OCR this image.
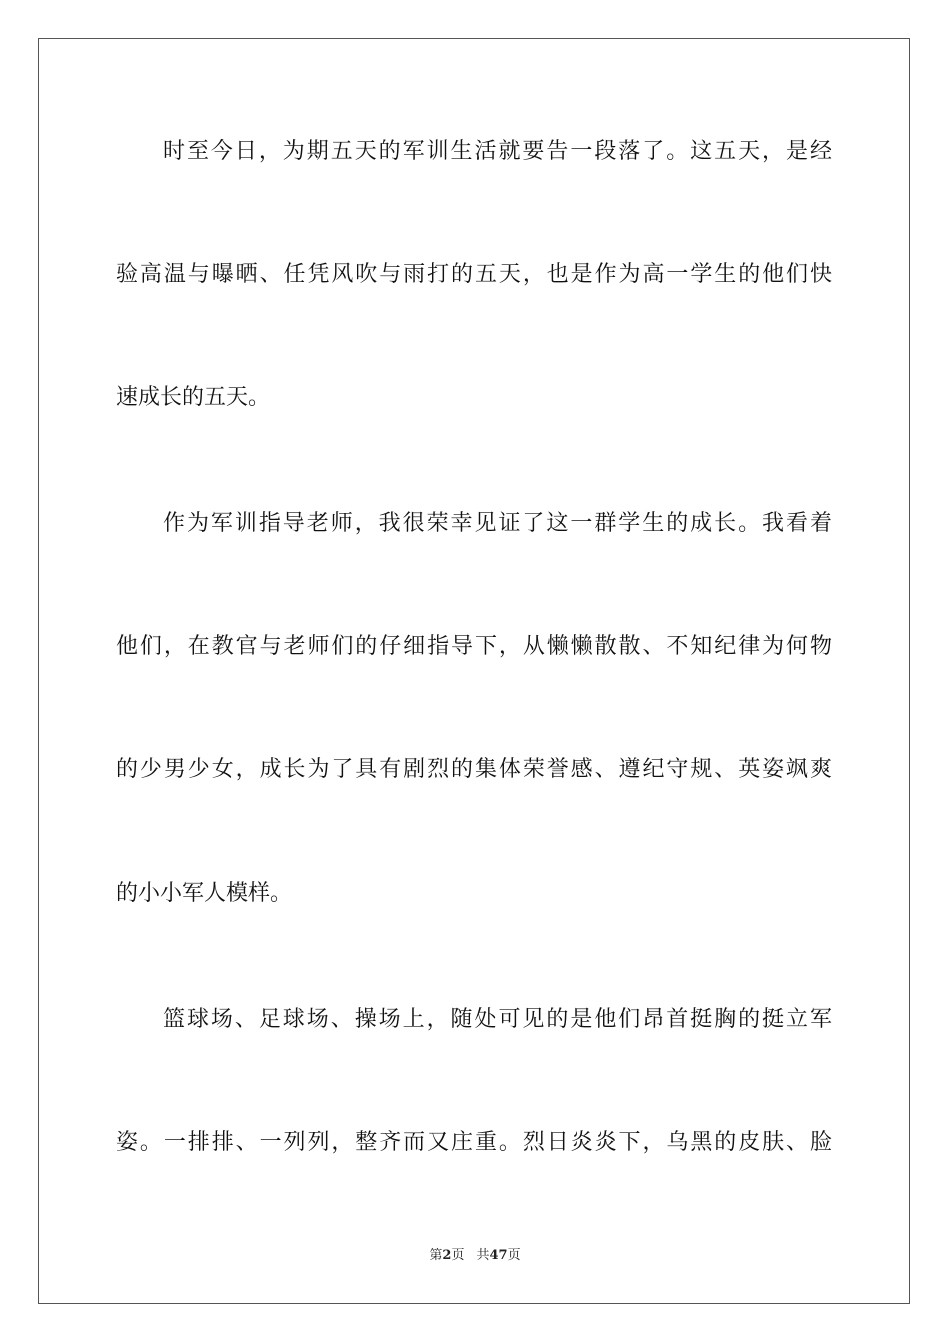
时至今日，为期五天的军训生活就要告一段落了。这五天，是经
验高温与曝晒、任凭风吹与雨打的五天，也是作为高一学生的他们快
速成长的五天。
作为军训指导老师，我很荣幸见证了这一群学生的成长。我看着
他们，在教官与老师们的仔细指导下，从懒懒散散、不知纪律为何物
的少男少女，成长为了具有剧烈的集体荣誉感、遵纪守规、英姿飒爽
的小小军人模样。
篮球场、足球场、操场上，随处可见的是他们昂首挺胸的挺立军
姿。一排排、一列列，整齐而又庄重。烈日炎炎下，乌黑的皮肤、脸
第2页 共47页
